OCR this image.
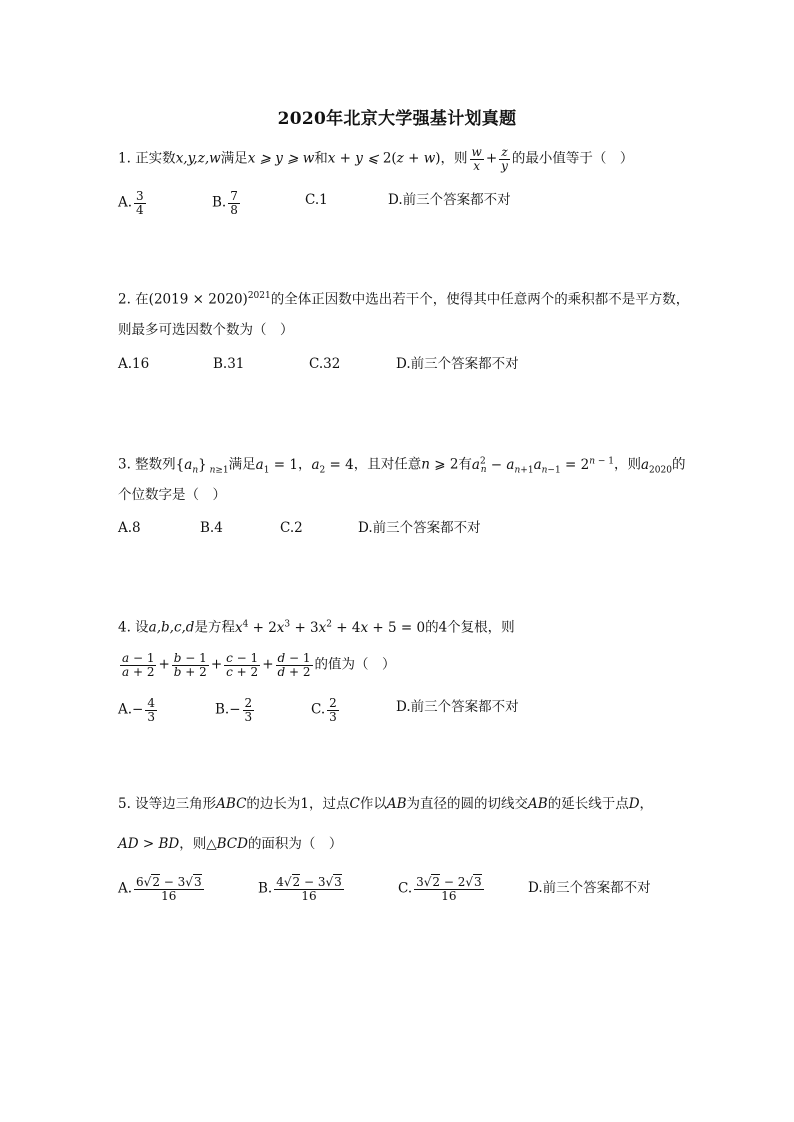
2020年北京大学强基计划真题
1. 正实数x,y,z,w满足x ⩾ y ⩾ w和x + y ⩽ 2(z + w)，则 $\frac{w}{x} + \frac{z}{y}$ 的最小值等于（　）
A. $\frac{3}{4}$	B. $\frac{7}{8}$	C.1	D.前三个答案都不对
2. 在$(2019 \times 2020)^{2021}$的全体正因数中选出若干个，使得其中任意两个的乘积都不是平方数，
则最多可选因数个数为（　）
A.16	B.31	C.32	D.前三个答案都不对
3. 整数列$\{a_n\}$ $_{n\ge 1}$满足$a_1 = 1$，$a_2 = 4$，且对任意n ⩾ 2有$a^2_n - a_{n+1}a_{n-1} = 2^{n - 1}$，则$a_{2020}$的
个位数字是（　）
A.8	B.4	C.2	D.前三个答案都不对
4. 设a,b,c,d是方程$x^4 + 2x^3 + 3x^2 + 4x + 5 = 0$的4个复根，则
$\frac{a - 1}{a + 2} + \frac{b - 1}{b + 2} + \frac{c - 1}{c + 2} + \frac{d - 1}{d + 2}$ 的值为（　）
$A.- \frac{4}{3}$	$B.- \frac{2}{3}$	C. $\frac{2}{3}$	D.前三个答案都不对
5. 设等边三角形ABC的边长为1，过点C作以AB为直径的圆的切线交AB的延长线于点D，
AD > BD，则△BCD的面积为（　）
A. $\frac{6√2 - 3√3}{16}$	B. $\frac{4√2 - 3√3}{16}$	C. $\frac{3√2 - 2√3}{16}$	D.前三个答案都不对
